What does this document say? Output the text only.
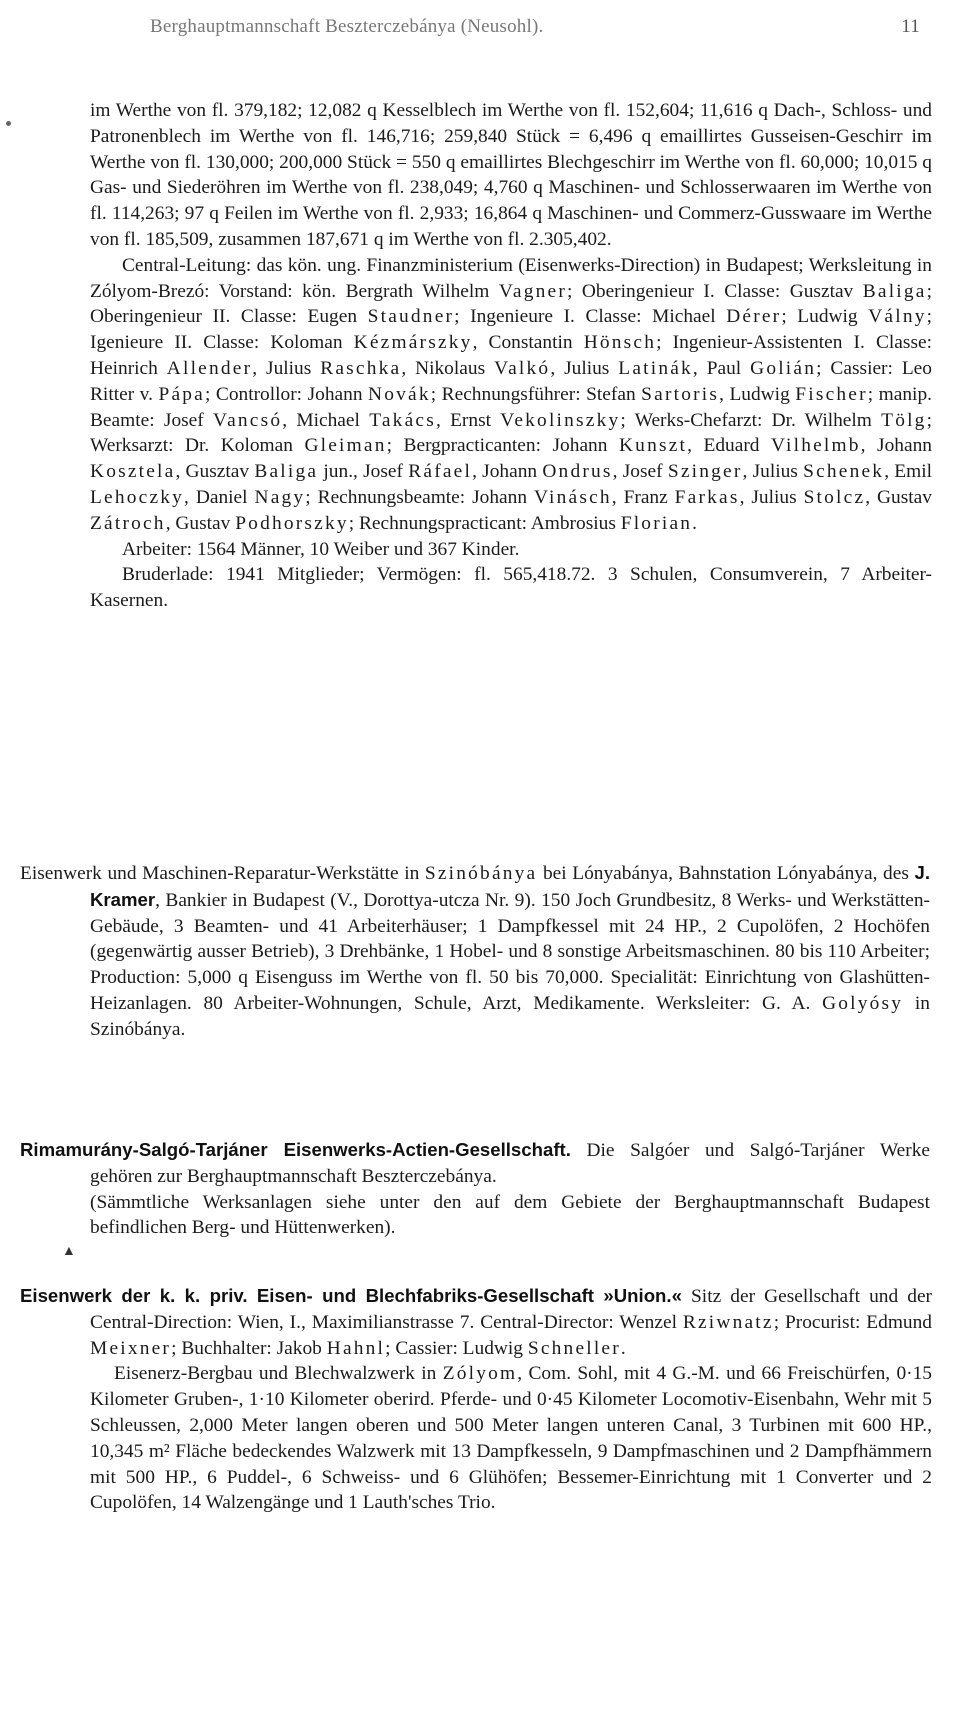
Berghauptmannschaft Beszterczebánya (Neusohl).	11

im Werthe von fl. 379,182; 12,082 q Kesselblech im Werthe von fl. 152,604; 11,616 q Dach-, Schloss- und Patronenblech im Werthe von fl. 146,716; 259,840 Stück = 6,496 q emaillirtes Gusseisen-Geschirr im Werthe von fl. 130,000; 200,000 Stück = 550 q emaillirtes Blechgeschirr im Werthe von fl. 60,000; 10,015 q Gas- und Siederöhren im Werthe von fl. 238,049; 4,760 q Maschinen- und Schlosserwaaren im Werthe von fl. 114,263; 97 q Feilen im Werthe von fl. 2,933; 16,864 q Maschinen- und Commerz-Gusswaare im Werthe von fl. 185,509, zusammen 187,671 q im Werthe von fl. 2.305,402.

Central-Leitung: das kön. ung. Finanzministerium (Eisenwerks-Direction) in Budapest; Werksleitung in Zólyom-Brezó: Vorstand: kön. Bergrath Wilhelm Vagner; Oberingenieur I. Classe: Gusztav Baliga; Oberingenieur II. Classe: Eugen Staudner; Ingenieure I. Classe: Michael Dérer; Ludwig Válny; Igenieure II. Classe: Koloman Kézmárszky, Constantin Hönsch; Ingenieur-Assistenten I. Classe: Heinrich Allender, Julius Raschka, Nikolaus Valkó, Julius Latinák, Paul Golián; Cassier: Leo Ritter v. Pápa; Controllor: Johann Novák; Rechnungsführer: Stefan Sartoris, Ludwig Fischer; manip. Beamte: Josef Vancsó, Michael Takács, Ernst Vekolinszky; Werks-Chefarzt: Dr. Wilhelm Tölg; Werksarzt: Dr. Koloman Gleiman; Bergpracticanten: Johann Kunszt, Eduard Vilhelmb, Johann Kosztela, Gusztav Baliga jun., Josef Ráfael, Johann Ondrus, Josef Szinger, Julius Schenek, Emil Lehoczky, Daniel Nagy; Rechnungsbeamte: Johann Vinásch, Franz Farkas, Julius Stolcz, Gustav Zátroch, Gustav Podhorszky; Rechnungspracticant: Ambrosius Florian.

Arbeiter: 1564 Männer, 10 Weiber und 367 Kinder.

Bruderlade: 1941 Mitglieder; Vermögen: fl. 565,418.72. 3 Schulen, Consumverein, 7 Arbeiter-Kasernen.

Eisenwerk und Maschinen-Reparatur-Werkstätte in Szinóbánya bei Lónyabánya, Bahnstation Lónyabánya, des J. Kramer, Bankier in Budapest (V., Dorottya-utcza Nr. 9). 150 Joch Grundbesitz, 8 Werks- und Werkstätten-Gebäude, 3 Beamten- und 41 Arbeiterhäuser; 1 Dampfkessel mit 24 HP., 2 Cupolöfen, 2 Hochöfen (gegenwärtig ausser Betrieb), 3 Drehbänke, 1 Hobel- und 8 sonstige Arbeitsmaschinen. 80 bis 110 Arbeiter; Production: 5,000 q Eisenguss im Werthe von fl. 50 bis 70,000. Specialität: Einrichtung von Glashütten-Heizanlagen. 80 Arbeiter-Wohnungen, Schule, Arzt, Medikamente. Werksleiter: G. A. Golyósy in Szinóbánya.

▲

Rimamurány-Salgó-Tarjáner Eisenwerks-Actien-Gesellschaft. Die Salgóer und Salgó-Tarjáner Werke gehören zur Berghauptmannschaft Beszterczebánya.

(Sämmtliche Werksanlagen siehe unter den auf dem Gebiete der Berghauptmannschaft Budapest befindlichen Berg- und Hüttenwerken).

Eisenwerk der k. k. priv. Eisen- und Blechfabriks-Gesellschaft »Union.« Sitz der Gesellschaft und der Central-Direction: Wien, I., Maximilianstrasse 7. Central-Director: Wenzel Rziwnatz; Procurist: Edmund Meixner; Buchhalter: Jakob Hahnl; Cassier: Ludwig Schneller.

Eisenerz-Bergbau und Blechwalzwerk in Zólyom, Com. Sohl, mit 4 G.-M. und 66 Freischürfen, 0·15 Kilometer Gruben-, 1·10 Kilometer oberird. Pferde- und 0·45 Kilometer Locomotiv-Eisenbahn, Wehr mit 5 Schleussen, 2,000 Meter langen oberen und 500 Meter langen unteren Canal, 3 Turbinen mit 600 HP., 10,345 m² Fläche bedeckendes Walzwerk mit 13 Dampfkesseln, 9 Dampfmaschinen und 2 Dampfhämmern mit 500 HP., 6 Puddel-, 6 Schweiss- und 6 Glühöfen; Bessemer-Einrichtung mit 1 Converter und 2 Cupolöfen, 14 Walzengänge und 1 Lauth'sches Trio.
